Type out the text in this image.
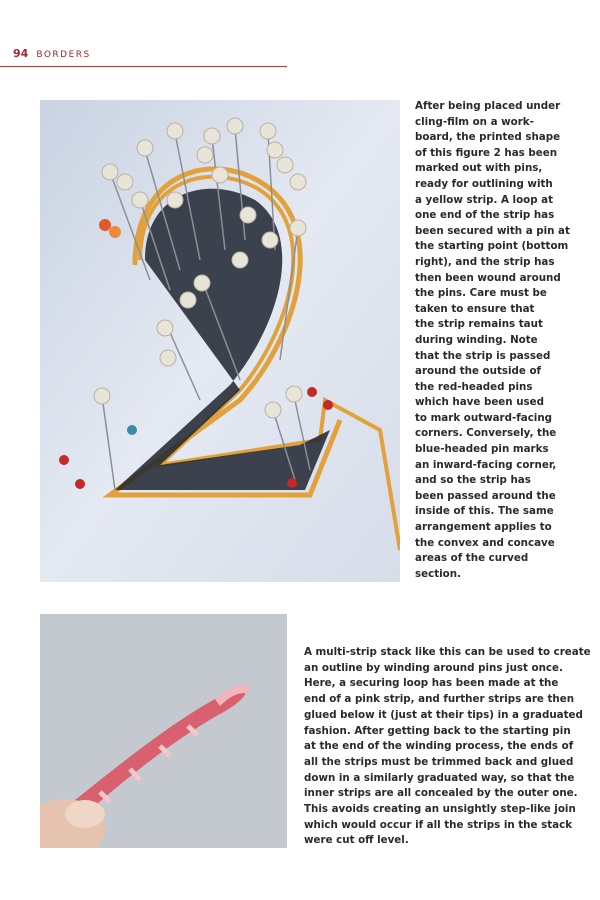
94 BORDERS
After being placed under
cling-film on a work-
board, the printed shape
of this figure 2 has been
marked out with pins,
ready for outlining with
a yellow strip. A loop at
one end of the strip has
been secured with a pin at
the starting point (bottom
right), and the strip has
then been wound around
the pins. Care must be
taken to ensure that
the strip remains taut
during winding. Note
that the strip is passed
around the outside of
the red-headed pins
which have been used
to mark outward-facing
corners. Conversely, the
blue-headed pin marks
an inward-facing corner,
and so the strip has
been passed around the
inside of this. The same
arrangement applies to
the convex and concave
areas of the curved
section.
A multi-strip stack like this can be used to create
an outline by winding around pins just once.
Here, a securing loop has been made at the
end of a pink strip, and further strips are then
glued below it (just at their tips) in a graduated
fashion. After getting back to the starting pin
at the end of the winding process, the ends of
all the strips must be trimmed back and glued
down in a similarly graduated way, so that the
inner strips are all concealed by the outer one.
This avoids creating an unsightly step-like join
which would occur if all the strips in the stack
were cut off level.
